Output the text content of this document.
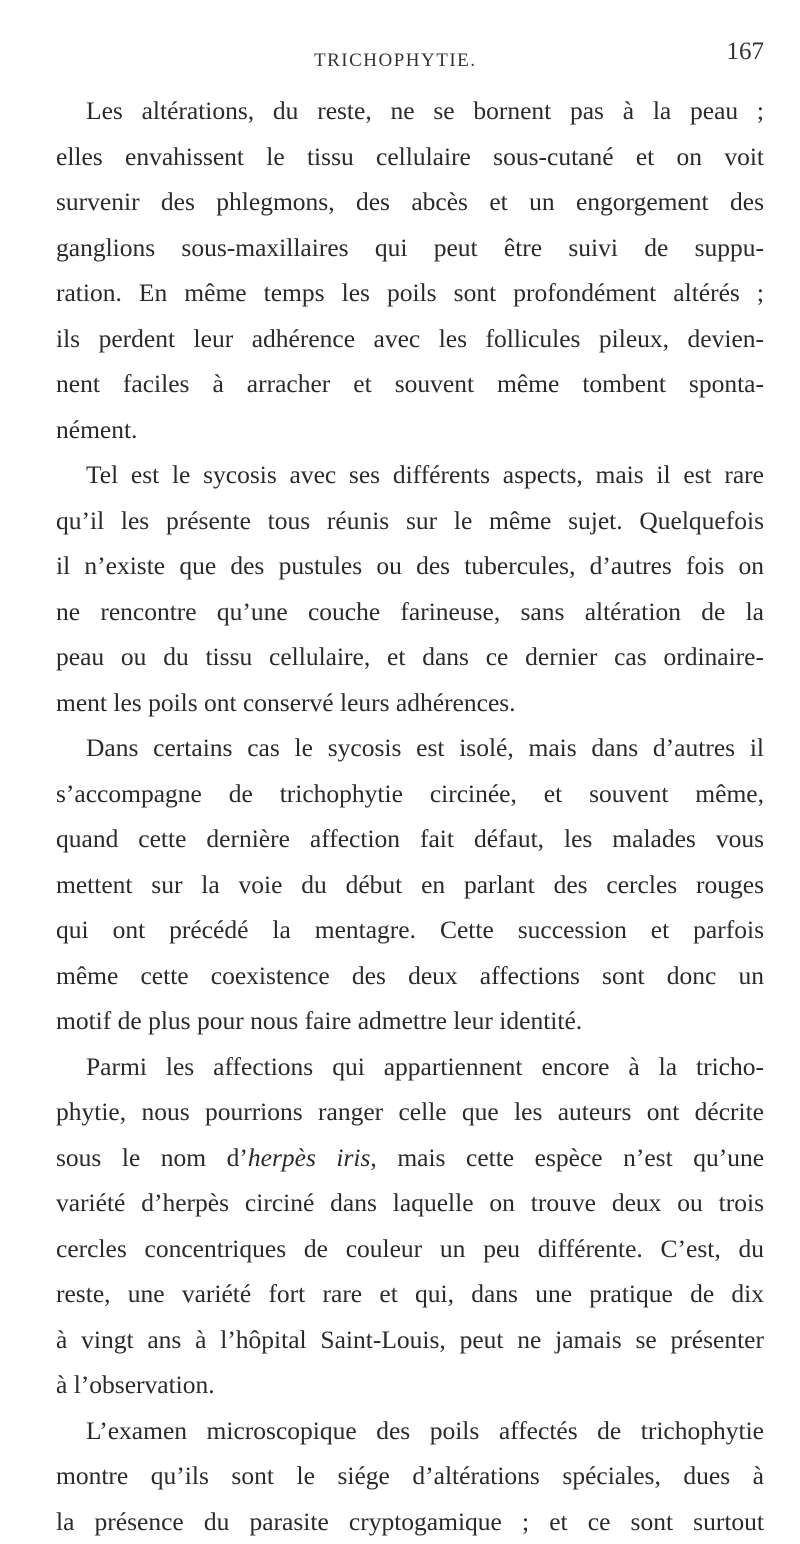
TRICHOPHYTIE.	167
Les altérations, du reste, ne se bornent pas à la peau ;
elles envahissent le tissu cellulaire sous-cutané et on voit
survenir des phlegmons, des abcès et un engorgement des
ganglions sous-maxillaires qui peut être suivi de suppu-
ration. En même temps les poils sont profondément altérés ;
ils perdent leur adhérence avec les follicules pileux, devien-
nent faciles à arracher et souvent même tombent sponta-
nément.
Tel est le sycosis avec ses différents aspects, mais il est rare
qu’il les présente tous réunis sur le même sujet. Quelquefois
il n’existe que des pustules ou des tubercules, d’autres fois on
ne rencontre qu’une couche farineuse, sans altération de la
peau ou du tissu cellulaire, et dans ce dernier cas ordinaire-
ment les poils ont conservé leurs adhérences.
Dans certains cas le sycosis est isolé, mais dans d’autres il
s’accompagne de trichophytie circinée, et souvent même,
quand cette dernière affection fait défaut, les malades vous
mettent sur la voie du début en parlant des cercles rouges
qui ont précédé la mentagre. Cette succession et parfois
même cette coexistence des deux affections sont donc un
motif de plus pour nous faire admettre leur identité.
Parmi les affections qui appartiennent encore à la tricho-
phytie, nous pourrions ranger celle que les auteurs ont décrite
sous le nom d’herpès iris, mais cette espèce n’est qu’une
variété d’herpès circiné dans laquelle on trouve deux ou trois
cercles concentriques de couleur un peu différente. C’est, du
reste, une variété fort rare et qui, dans une pratique de dix
à vingt ans à l’hôpital Saint-Louis, peut ne jamais se présenter
à l’observation.
L’examen microscopique des poils affectés de trichophytie
montre qu’ils sont le siége d’altérations spéciales, dues à
la présence du parasite cryptogamique ; et ce sont surtout
